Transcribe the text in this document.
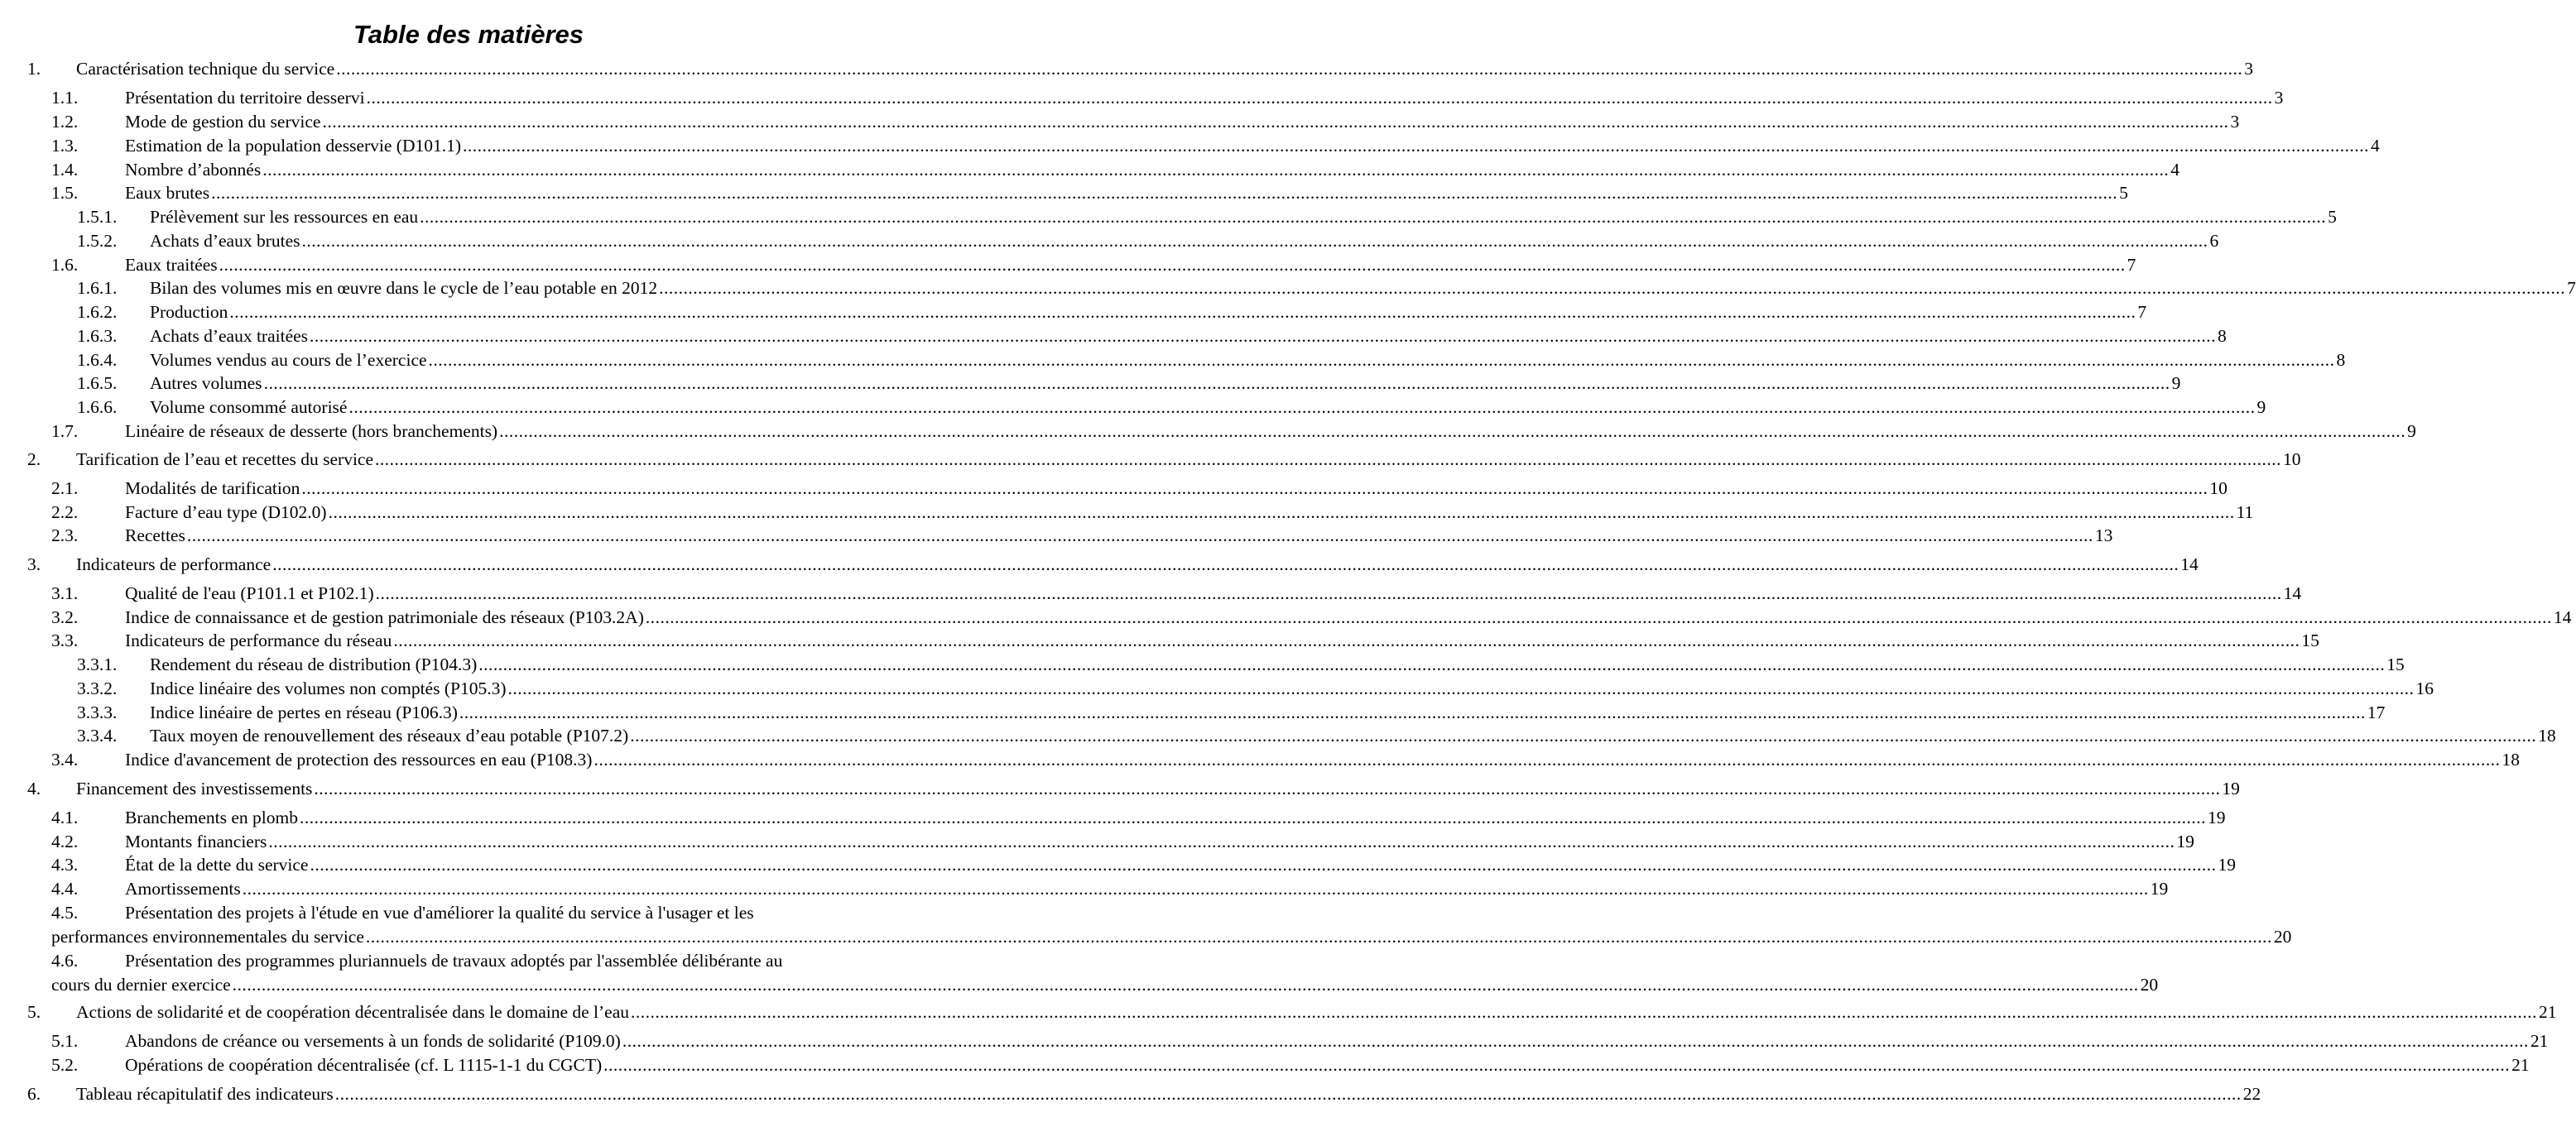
Table des matières
1. Caractérisation technique du service .....	3
1.1.	Présentation du territoire desservi .....	3
1.2.	Mode de gestion du service .....	3
1.3.	Estimation de la population desservie (D101.1) .....	4
1.4.	Nombre d’abonnés .....	4
1.5.	Eaux brutes .....	5
1.5.1. Prélèvement sur les ressources en eau .....	5
1.5.2. Achats d’eaux brutes .....	6
1.6.	Eaux traitées .....	7
1.6.1. Bilan des volumes mis en œuvre dans le cycle de l’eau potable en 2012 .....	7
1.6.2. Production .....	7
1.6.3. Achats d’eaux traitées .....	8
1.6.4. Volumes vendus au cours de l’exercice .....	8
1.6.5. Autres volumes .....	9
1.6.6. Volume consommé autorisé .....	9
1.7.	Linéaire de réseaux de desserte (hors branchements) .....	9
2. Tarification de l’eau et recettes du service .....	10
2.1.	Modalités de tarification .....	10
2.2.	Facture d’eau type (D102.0) .....	11
2.3.	Recettes .....	13
3. Indicateurs de performance .....	14
3.1.	Qualité de l'eau (P101.1 et P102.1) .....	14
3.2.	Indice de connaissance et de gestion patrimoniale des réseaux (P103.2A) .....	14
3.3.	Indicateurs de performance du réseau .....	15
3.3.1. Rendement du réseau de distribution (P104.3) .....	15
3.3.2. Indice linéaire des volumes non comptés (P105.3) .....	16
3.3.3. Indice linéaire de pertes en réseau (P106.3) .....	17
3.3.4. Taux moyen de renouvellement des réseaux d’eau potable (P107.2) .....	18
3.4.	Indice d'avancement de protection des ressources en eau (P108.3) .....	18
4. Financement des investissements .....	19
4.1.	Branchements en plomb .....	19
4.2.	Montants financiers .....	19
4.3.	État de la dette du service .....	19
4.4.	Amortissements .....	19
4.5.	Présentation des projets à l'étude en vue d'améliorer la qualité du service à l'usager et les
performances environnementales du service .....	20
4.6.	Présentation des programmes pluriannuels de travaux adoptés par l'assemblée délibérante au
cours du dernier exercice .....	20
5. Actions de solidarité et de coopération décentralisée dans le domaine de l’eau .....	21
5.1.	Abandons de créance ou versements à un fonds de solidarité (P109.0) .....	21
5.2.	Opérations de coopération décentralisée (cf. L 1115-1-1 du CGCT) .....	21
6. Tableau récapitulatif des indicateurs .....	22
